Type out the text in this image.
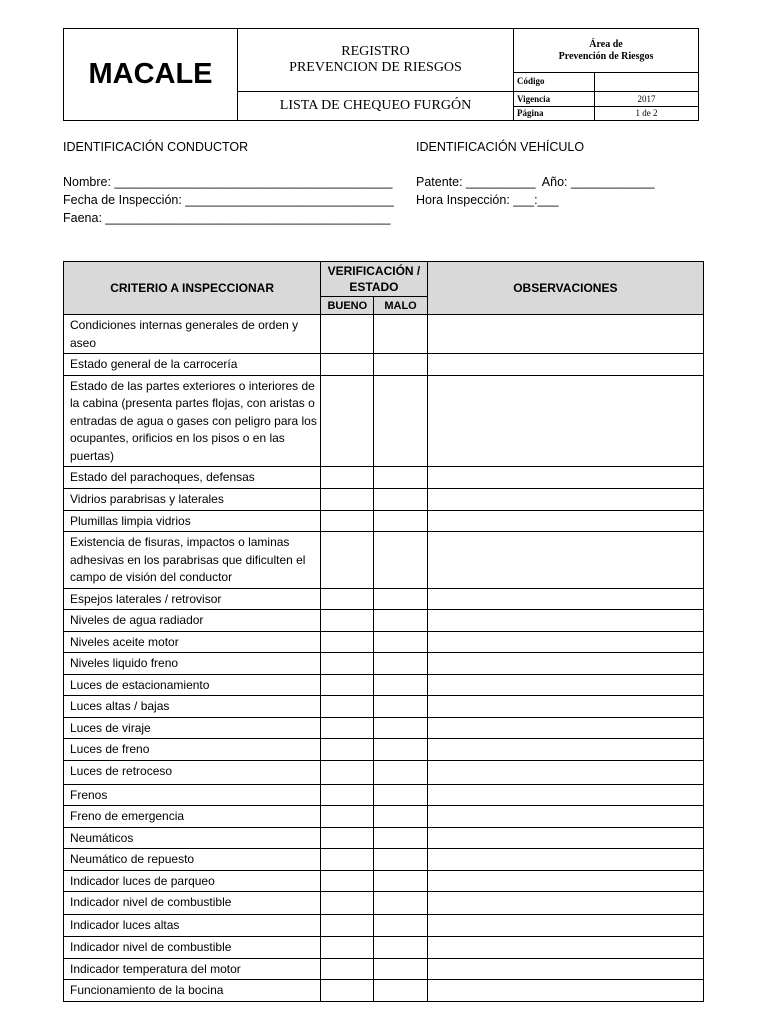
MACALE
REGISTRO
PREVENCION DE RIESGOS
LISTA DE CHEQUEO FURGÓN
Área de
Prevención de Riesgos
Código
Vigencia	2017
Página	1 de 2
IDENTIFICACIÓN CONDUCTOR	IDENTIFICACIÓN VEHÍCULO
Nombre: ________________________________________
Fecha de Inspección: ______________________________
Faena: _________________________________________
Patente: __________  Año: ____________
Hora Inspección: ___:___
CRITERIO A INSPECCIONAR	VERIFICACIÓN / ESTADO		OBSERVACIONES
	BUENO	MALO	
Condiciones internas generales de orden y aseo			
Estado general de la carrocería			
Estado de las partes exteriores o interiores de la cabina (presenta partes flojas, con aristas o entradas de agua o gases con peligro para los ocupantes, orificios en los pisos o en las puertas)			
Estado del parachoques, defensas			
Vidrios parabrisas y laterales			
Plumillas limpia vidrios			
Existencia de fisuras, impactos o laminas adhesivas en los parabrisas que dificulten el campo de visión del conductor			
Espejos laterales / retrovisor			
Niveles de agua radiador			
Niveles aceite motor			
Niveles liquido freno			
Luces de estacionamiento			
Luces altas / bajas			
Luces de viraje			
Luces de freno			
Luces de retroceso			
Frenos			
Freno de emergencia			
Neumáticos			
Neumático de repuesto			
Indicador luces de parqueo			
Indicador nivel de combustible			
Indicador luces altas			
Indicador nivel de combustible			
Indicador temperatura del motor			
Funcionamiento de la bocina			
